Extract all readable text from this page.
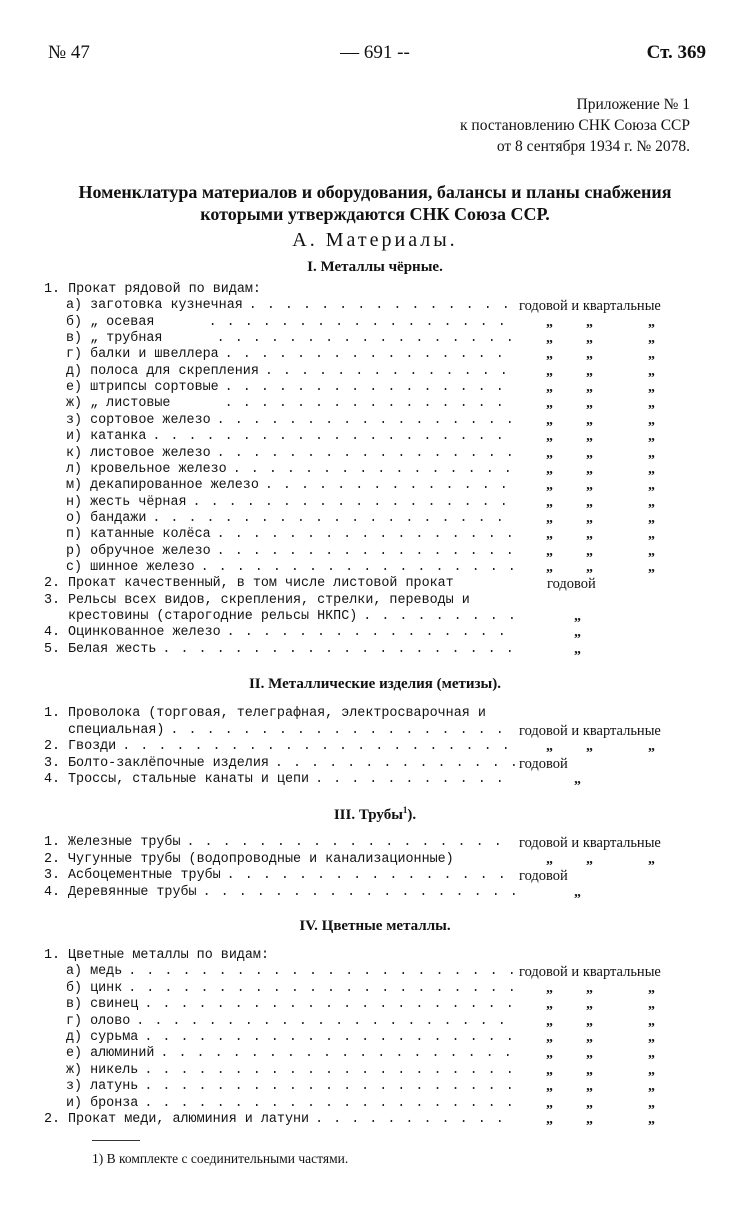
№ 47	— 691 --	Ст. 369
Приложение № 1
к постановлению СНК Союза ССР
от 8 сентября 1934 г. № 2078.
Номенклатура материалов и оборудования, балансы и планы снабжения
которыми утверждаются СНК Союза ССР.
А. Материалы.
I. Металлы чёрные.
1. Прокат рядовой по видам:
а) заготовка кузнечная . . .	годовой и квартальные
б) „ осевая . . .	„ „	„
в) „ трубная . . .	„ „	„
г) балки и швеллера . . .	„ „	„
д) полоса для скрепления . . .	„ „	„
е) штрипсы сортовые . . .	„ „	„
ж) „ листовые . . .	„ „	„
з) сортовое железо . . .	„ „	„
и) катанка . . .	„ „	„
к) листовое железо . . .	„ „	„
л) кровельное железо . . .	„ „	„
м) декапированное железо . . .	„ „	„
н) жесть чёрная . . .	„ „	„
о) бандажи . . .	„ „	„
п) катанные колёса . . .	„ „	„
р) обручное железо . . .	„ „	„
с) шинное железо . . .	„ „	„
2. Прокат качественный, в том числе листовой прокат	годовой
3. Рельсы всех видов, скрепления, стрелки, переводы и
крестовины (старогодние рельсы НКПС) . . .	„
4. Оцинкованное железо . . .	„
5. Белая жесть . . .	„
II. Металлические изделия (метизы).
1. Проволока (торговая, телеграфная, электросварочная и
специальная) . . .	годовой и квартальные
2. Гвозди . . .	„ „	„
3. Болто-заклёпочные изделия . . .	годовой
4. Троссы, стальные канаты и цепи . . .	„
III. Трубы$^1$).
1. Железные трубы . . .	годовой и квартальные
2. Чугунные трубы (водопроводные и канализационные)	„ „	„
3. Асбоцементные трубы . . .	годовой
4. Деревянные трубы . . .	„
IV. Цветные металлы.
1. Цветные металлы по видам:
а) медь . . .	годовой и квартальные
б) цинк . . .	„ „	„
в) свинец . . .	„ „	„
г) олово . . .	„ „	„
д) сурьма . . .	„ „	„
е) алюминий . . .	„ „	„
ж) никель . . .	„ „	„
з) латунь . . .	„ „	„
и) бронза . . .	„ „	„
2. Прокат меди, алюминия и латуни . . .	„ „	„
1) В комплекте с соединительными частями.
